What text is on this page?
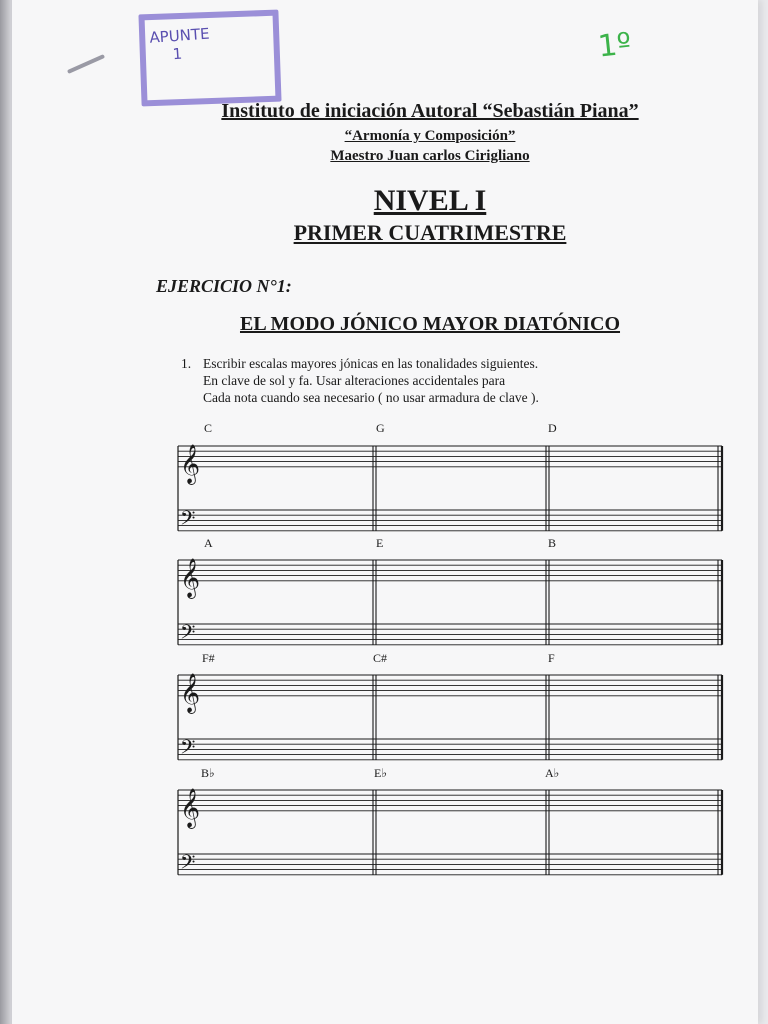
APUNTE
1	1º
Instituto de iniciación Autoral “Sebastián Piana”
“Armonía y Composición”
Maestro Juan carlos Cirigliano
NIVEL I
PRIMER CUATRIMESTRE
EJERCICIO N°1:
EL MODO JÓNICO MAYOR DIATÓNICO
1. Escribir escalas mayores jónicas en las tonalidades siguientes.
En clave de sol y fa. Usar alteraciones accidentales para
Cada nota cuando sea necesario ( no usar armadura de clave ).
C	G	D
A	E	B
F#	C#	F
B♭	E♭	A♭
𝄞
𝄢
𝄞
𝄢
𝄞
𝄢
𝄞
𝄢
